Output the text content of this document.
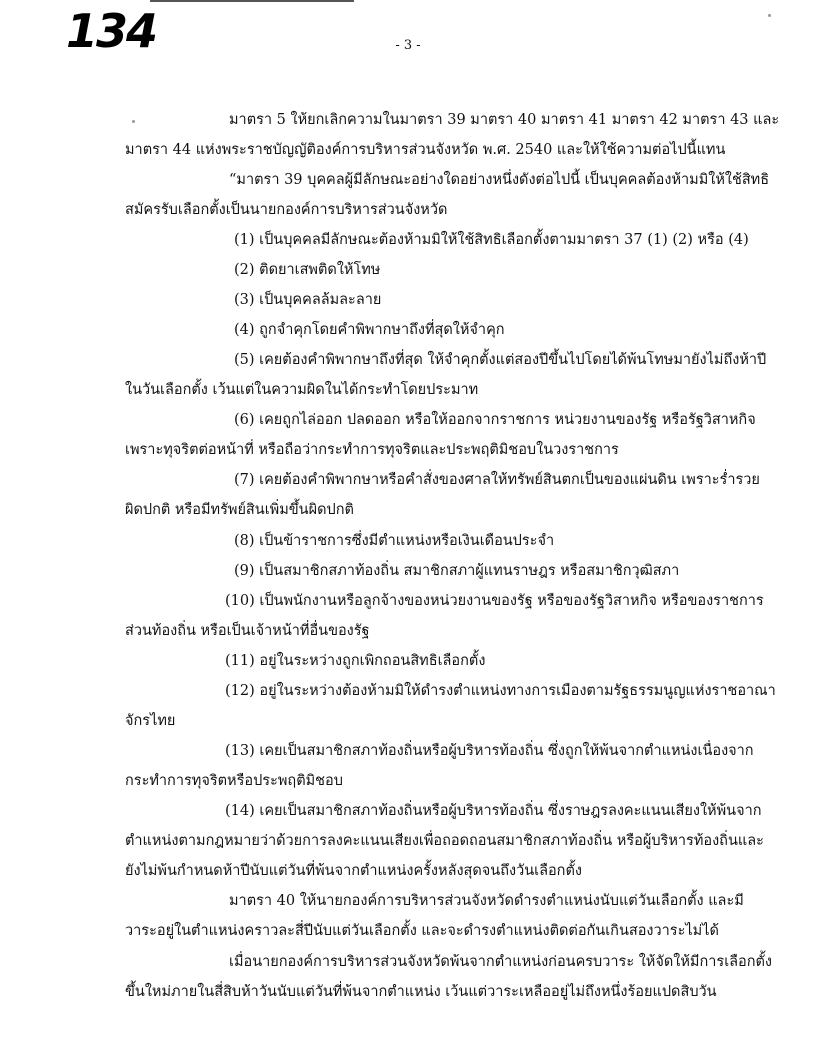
134	- 3 -
มาตรา 5 ให้ยกเลิกความในมาตรา 39 มาตรา 40 มาตรา 41 มาตรา 42 มาตรา 43 และ
มาตรา 44 แห่งพระราชบัญญัติองค์การบริหารส่วนจังหวัด พ.ศ. 2540 และให้ใช้ความต่อไปนี้แทน
“มาตรา 39 บุคคลผู้มีลักษณะอย่างใดอย่างหนึ่งดังต่อไปนี้ เป็นบุคคลต้องห้ามมิให้ใช้สิทธิ
สมัครรับเลือกตั้งเป็นนายกองค์การบริหารส่วนจังหวัด
(1) เป็นบุคคลมีลักษณะต้องห้ามมิให้ใช้สิทธิเลือกตั้งตามมาตรา 37 (1) (2) หรือ (4)
(2) ติดยาเสพติดให้โทษ
(3) เป็นบุคคลล้มละลาย
(4) ถูกจำคุกโดยคำพิพากษาถึงที่สุดให้จำคุก
(5) เคยต้องคำพิพากษาถึงที่สุด ให้จำคุกตั้งแต่สองปีขึ้นไปโดยได้พ้นโทษมายังไม่ถึงห้าปี
ในวันเลือกตั้ง เว้นแต่ในความผิดในได้กระทำโดยประมาท
(6) เคยถูกไล่ออก ปลดออก หรือให้ออกจากราชการ หน่วยงานของรัฐ หรือรัฐวิสาหกิจ
เพราะทุจริตต่อหน้าที่ หรือถือว่ากระทำการทุจริตและประพฤติมิชอบในวงราชการ
(7) เคยต้องคำพิพากษาหรือคำสั่งของศาลให้ทรัพย์สินตกเป็นของแผ่นดิน เพราะร่ำรวย
ผิดปกติ หรือมีทรัพย์สินเพิ่มขึ้นผิดปกติ
(8) เป็นข้าราชการซึ่งมีตำแหน่งหรือเงินเดือนประจำ
(9) เป็นสมาชิกสภาท้องถิ่น สมาชิกสภาผู้แทนราษฎร หรือสมาชิกวุฒิสภา
(10) เป็นพนักงานหรือลูกจ้างของหน่วยงานของรัฐ หรือของรัฐวิสาหกิจ หรือของราชการ
ส่วนท้องถิ่น หรือเป็นเจ้าหน้าที่อื่นของรัฐ
(11) อยู่ในระหว่างถูกเพิกถอนสิทธิเลือกตั้ง
(12) อยู่ในระหว่างต้องห้ามมิให้ดำรงตำแหน่งทางการเมืองตามรัฐธรรมนูญแห่งราชอาณา
จักรไทย
(13) เคยเป็นสมาชิกสภาท้องถิ่นหรือผู้บริหารท้องถิ่น ซึ่งถูกให้พ้นจากตำแหน่งเนื่องจาก
กระทำการทุจริตหรือประพฤติมิชอบ
(14) เคยเป็นสมาชิกสภาท้องถิ่นหรือผู้บริหารท้องถิ่น ซึ่งราษฎรลงคะแนนเสียงให้พ้นจาก
ตำแหน่งตามกฎหมายว่าด้วยการลงคะแนนเสียงเพื่อถอดถอนสมาชิกสภาท้องถิ่น หรือผู้บริหารท้องถิ่นและ
ยังไม่พ้นกำหนดห้าปีนับแต่วันที่พ้นจากตำแหน่งครั้งหลังสุดจนถึงวันเลือกตั้ง
มาตรา 40 ให้นายกองค์การบริหารส่วนจังหวัดดำรงตำแหน่งนับแต่วันเลือกตั้ง และมี
วาระอยู่ในตำแหน่งคราวละสี่ปีนับแต่วันเลือกตั้ง และจะดำรงตำแหน่งติดต่อกันเกินสองวาระไม่ได้
เมื่อนายกองค์การบริหารส่วนจังหวัดพ้นจากตำแหน่งก่อนครบวาระ ให้จัดให้มีการเลือกตั้ง
ขึ้นใหม่ภายในสี่สิบห้าวันนับแต่วันที่พ้นจากตำแหน่ง เว้นแต่วาระเหลืออยู่ไม่ถึงหนึ่งร้อยแปดสิบวัน
